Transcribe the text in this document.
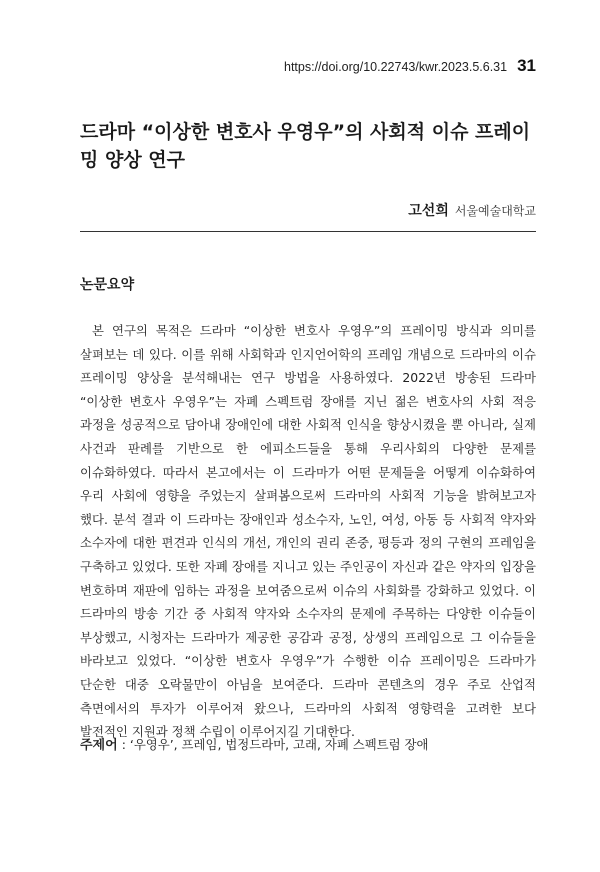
https://doi.org/10.22743/kwr.2023.5.6.31 31
드라마 “이상한 변호사 우영우”의 사회적 이슈 프레이밍 양상 연구
고선희 서울예술대학교
논문요약

본 연구의 목적은 드라마 “이상한 변호사 우영우”의 프레이밍 방식과 의미를 살펴보는 데 있다. 이를 위해 사회학과 인지언어학의 프레임 개념으로 드라마의 이슈 프레이밍 양상을 분석해내는 연구 방법을 사용하였다. 2022년 방송된 드라마 “이상한 변호사 우영우”는 자폐 스펙트럼 장애를 지닌 젊은 변호사의 사회 적응 과정을 성공적으로 담아내 장애인에 대한 사회적 인식을 향상시켰을 뿐 아니라, 실제 사건과 판례를 기반으로 한 에피소드들을 통해 우리사회의 다양한 문제를 이슈화하였다. 따라서 본고에서는 이 드라마가 어떤 문제들을 어떻게 이슈화하여 우리 사회에 영향을 주었는지 살펴봄으로써 드라마의 사회적 기능을 밝혀보고자 했다. 분석 결과 이 드라마는 장애인과 성소수자, 노인, 여성, 아동 등 사회적 약자와 소수자에 대한 편견과 인식의 개선, 개인의 권리 존중, 평등과 정의 구현의 프레임을 구축하고 있었다. 또한 자폐 장애를 지니고 있는 주인공이 자신과 같은 약자의 입장을 변호하며 재판에 임하는 과정을 보여줌으로써 이슈의 사회화를 강화하고 있었다. 이 드라마의 방송 기간 중 사회적 약자와 소수자의 문제에 주목하는 다양한 이슈들이 부상했고, 시청자는 드라마가 제공한 공감과 공정, 상생의 프레임으로 그 이슈들을 바라보고 있었다. “이상한 변호사 우영우”가 수행한 이슈 프레이밍은 드라마가 단순한 대중 오락물만이 아님을 보여준다. 드라마 콘텐츠의 경우 주로 산업적 측면에서의 투자가 이루어져 왔으나, 드라마의 사회적 영향력을 고려한 보다 발전적인 지원과 정책 수립이 이루어지길 기대한다.

주제어 : ‘우영우’, 프레임, 법정드라마, 고래, 자폐 스펙트럼 장애
